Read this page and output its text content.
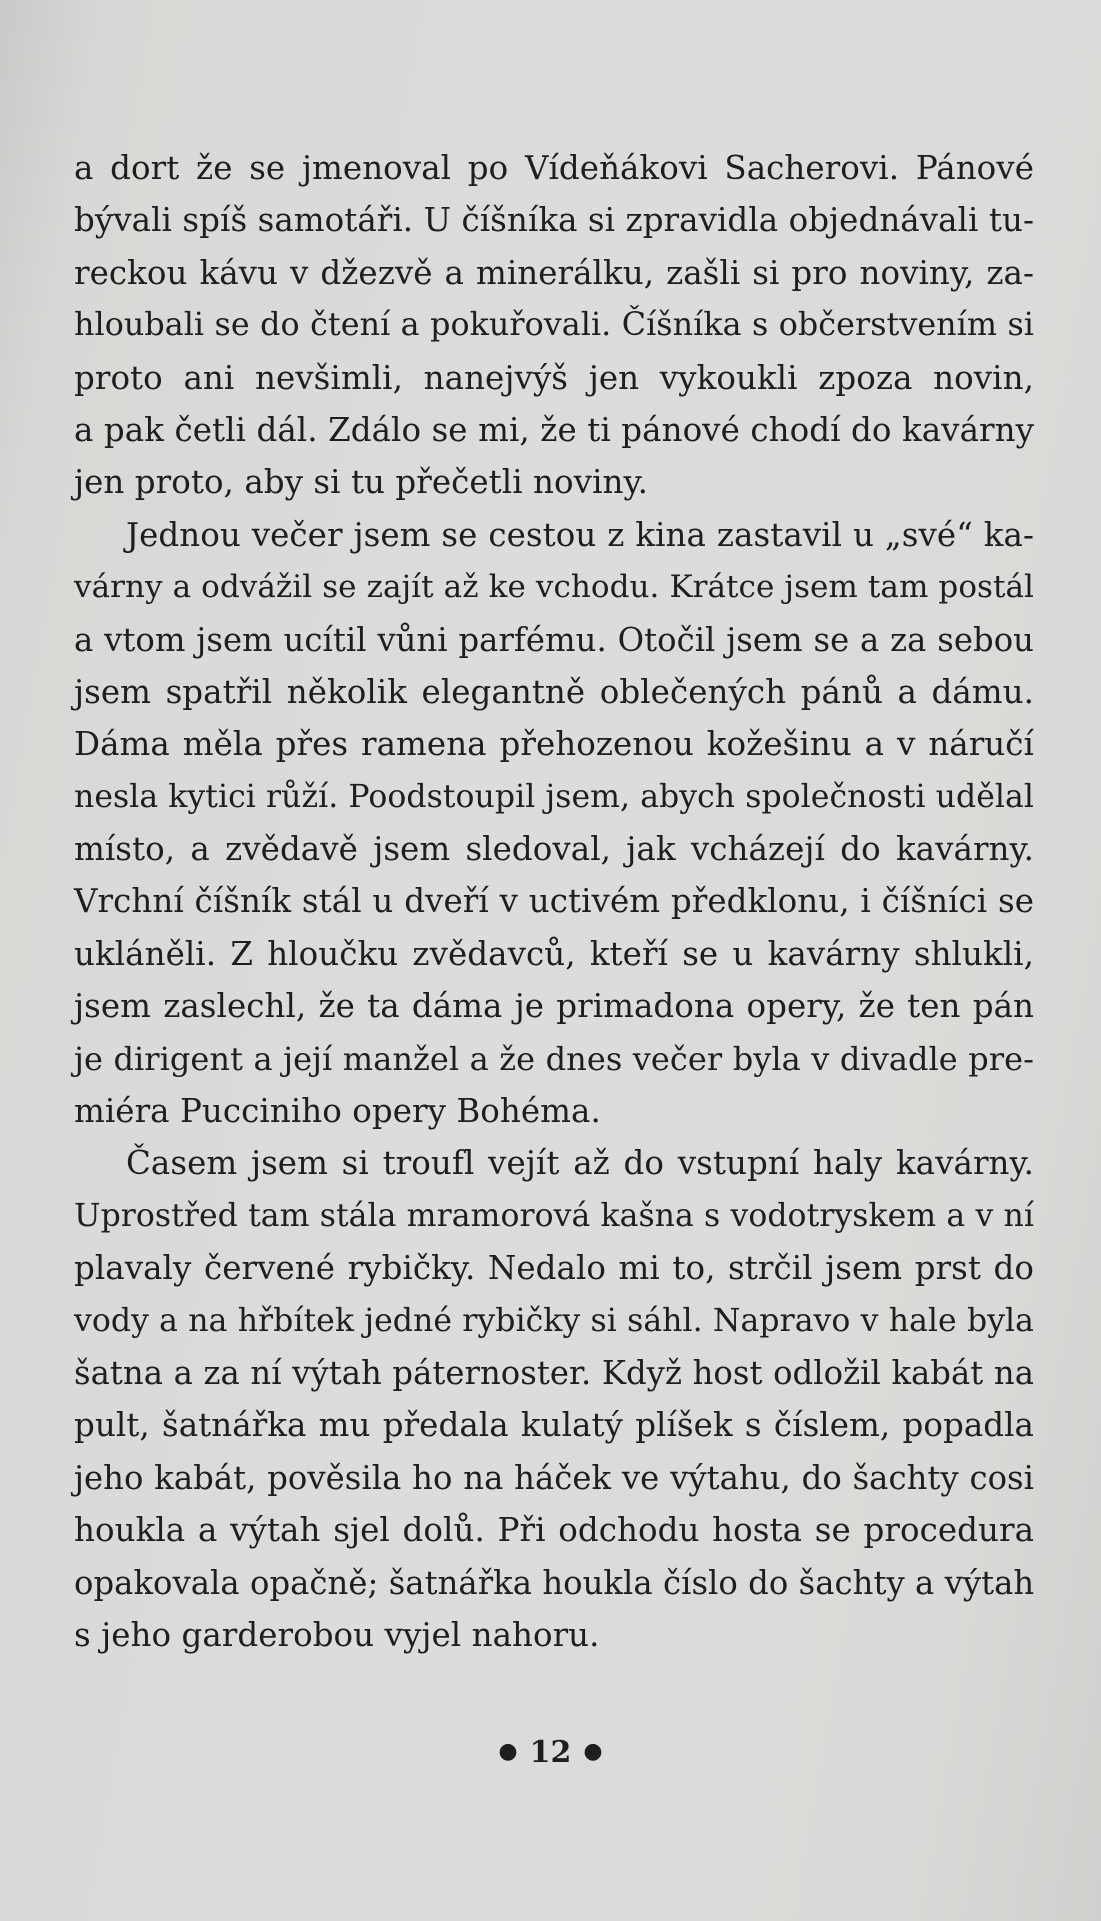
a dort že se jmenoval po Vídeňákovi Sacherovi. Pánové
bývali spíš samotáři. U číšníka si zpravidla objednávali tu-
reckou kávu v džezvě a minerálku, zašli si pro noviny, za-
hloubali se do čtení a pokuřovali. Číšníka s občerstvením si
proto ani nevšimli, nanejvýš jen vykoukli zpoza novin,
a pak četli dál. Zdálo se mi, že ti pánové chodí do kavárny
jen proto, aby si tu přečetli noviny.
Jednou večer jsem se cestou z kina zastavil u „své“ ka-
várny a odvážil se zajít až ke vchodu. Krátce jsem tam postál
a vtom jsem ucítil vůni parfému. Otočil jsem se a za sebou
jsem spatřil několik elegantně oblečených pánů a dámu.
Dáma měla přes ramena přehozenou kožešinu a v náručí
nesla kytici růží. Poodstoupil jsem, abych společnosti udělal
místo, a zvědavě jsem sledoval, jak vcházejí do kavárny.
Vrchní číšník stál u dveří v uctivém předklonu, i číšníci se
ukláněli. Z hloučku zvědavců, kteří se u kavárny shlukli,
jsem zaslechl, že ta dáma je primadona opery, že ten pán
je dirigent a její manžel a že dnes večer byla v divadle pre-
miéra Pucciniho opery Bohéma.
Časem jsem si troufl vejít až do vstupní haly kavárny.
Uprostřed tam stála mramorová kašna s vodotryskem a v ní
plavaly červené rybičky. Nedalo mi to, strčil jsem prst do
vody a na hřbítek jedné rybičky si sáhl. Napravo v hale byla
šatna a za ní výtah páternoster. Když host odložil kabát na
pult, šatnářka mu předala kulatý plíšek s číslem, popadla
jeho kabát, pověsila ho na háček ve výtahu, do šachty cosi
houkla a výtah sjel dolů. Při odchodu hosta se procedura
opakovala opačně; šatnářka houkla číslo do šachty a výtah
s jeho garderobou vyjel nahoru.
● 12 ●
